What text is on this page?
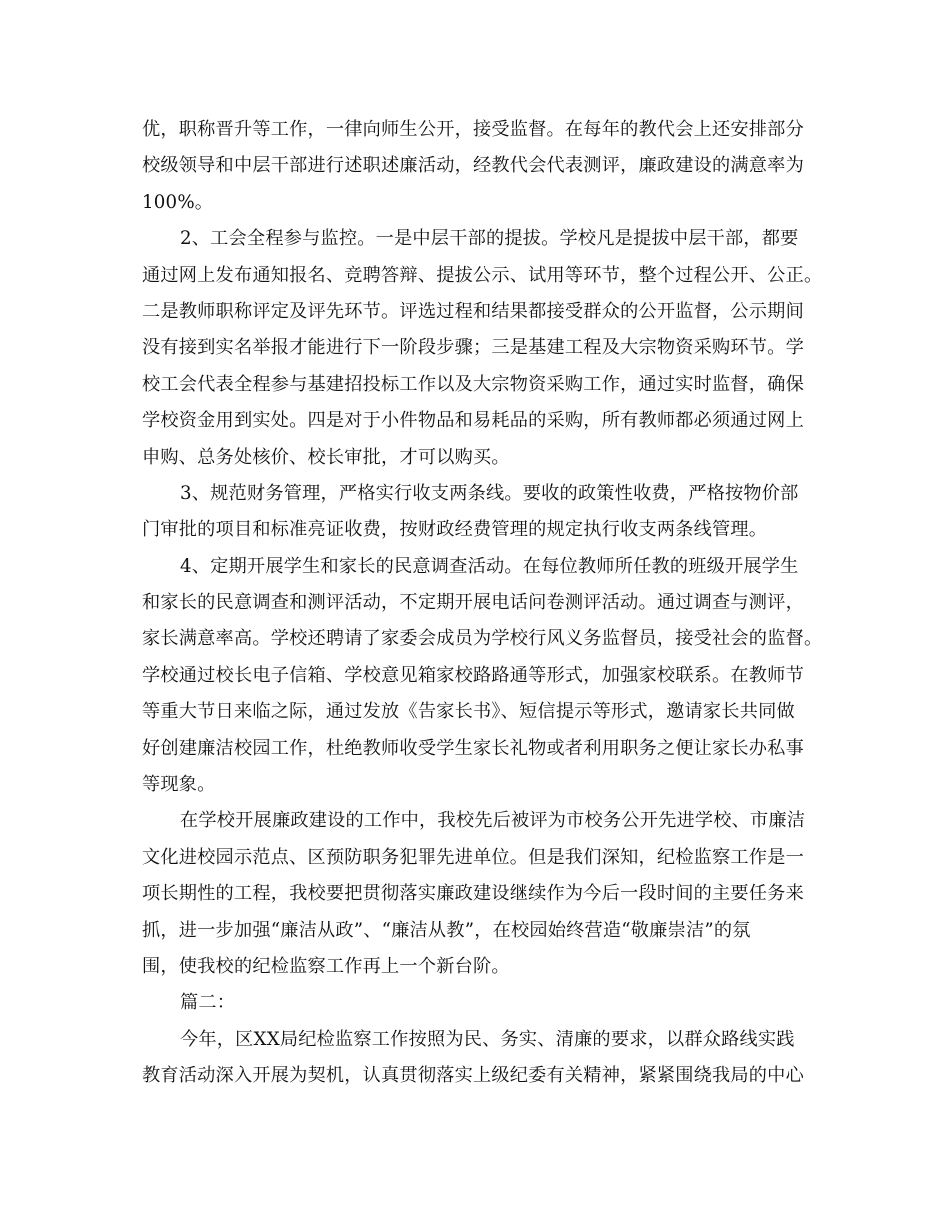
优，职称晋升等工作，一律向师生公开，接受监督。在每年的教代会上还安排部分
校级领导和中层干部进行述职述廉活动，经教代会代表测评，廉政建设的满意率为
100%。
2、工会全程参与监控。一是中层干部的提拔。学校凡是提拔中层干部，都要
通过网上发布通知报名、竞聘答辩、提拔公示、试用等环节，整个过程公开、公正。
二是教师职称评定及评先环节。评选过程和结果都接受群众的公开监督，公示期间
没有接到实名举报才能进行下一阶段步骤；三是基建工程及大宗物资采购环节。学
校工会代表全程参与基建招投标工作以及大宗物资采购工作，通过实时监督，确保
学校资金用到实处。四是对于小件物品和易耗品的采购，所有教师都必须通过网上
申购、总务处核价、校长审批，才可以购买。
3、规范财务管理，严格实行收支两条线。要收的政策性收费，严格按物价部
门审批的项目和标准亮证收费，按财政经费管理的规定执行收支两条线管理。
4、定期开展学生和家长的民意调查活动。在每位教师所任教的班级开展学生
和家长的民意调查和测评活动，不定期开展电话问卷测评活动。通过调查与测评，
家长满意率高。学校还聘请了家委会成员为学校行风义务监督员，接受社会的监督。
学校通过校长电子信箱、学校意见箱家校路路通等形式，加强家校联系。在教师节
等重大节日来临之际，通过发放《告家长书》、短信提示等形式，邀请家长共同做
好创建廉洁校园工作，杜绝教师收受学生家长礼物或者利用职务之便让家长办私事
等现象。
在学校开展廉政建设的工作中，我校先后被评为市校务公开先进学校、市廉洁
文化进校园示范点、区预防职务犯罪先进单位。但是我们深知，纪检监察工作是一
项长期性的工程，我校要把贯彻落实廉政建设继续作为今后一段时间的主要任务来
抓，进一步加强“廉洁从政”、“廉洁从教”，在校园始终营造“敬廉崇洁”的氛
围，使我校的纪检监察工作再上一个新台阶。
篇二：
今年，区XX局纪检监察工作按照为民、务实、清廉的要求，以群众路线实践
教育活动深入开展为契机，认真贯彻落实上级纪委有关精神，紧紧围绕我局的中心
